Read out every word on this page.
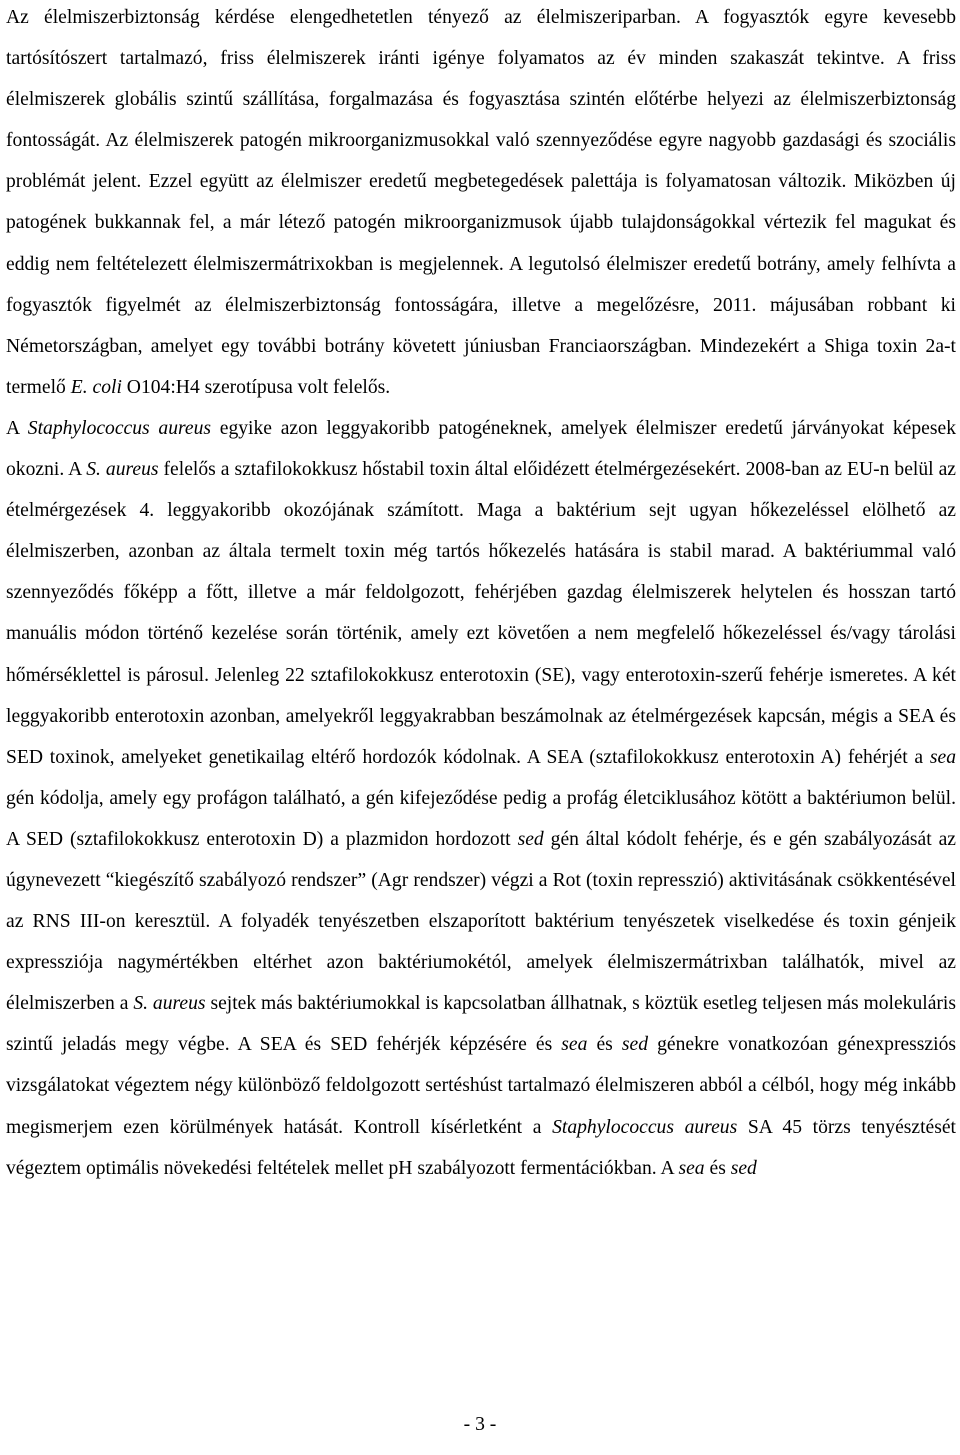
Az élelmiszerbiztonság kérdése elengedhetetlen tényező az élelmiszeriparban. A fogyasztók egyre kevesebb tartósítószert tartalmazó, friss élelmiszerek iránti igénye folyamatos az év minden szakaszát tekintve. A friss élelmiszerek globális szintű szállítása, forgalmazása és fogyasztása szintén előtérbe helyezi az élelmiszerbiztonság fontosságát. Az élelmiszerek patogén mikroorganizmusokkal való szennyeződése egyre nagyobb gazdasági és szociális problémát jelent. Ezzel együtt az élelmiszer eredetű megbetegedések palettája is folyamatosan változik. Miközben új patogének bukkannak fel, a már létező patogén mikroorganizmusok újabb tulajdonságokkal vértezik fel magukat és eddig nem feltételezett élelmiszermátrixokban is megjelennek. A legutolsó élelmiszer eredetű botrány, amely felhívta a fogyasztók figyelmét az élelmiszerbiztonság fontosságára, illetve a megelőzésre, 2011. májusában robbant ki Németországban, amelyet egy további botrány követett júniusban Franciaországban. Mindezekért a Shiga toxin 2a-t termelő E. coli O104:H4 szerotípusa volt felelős.

A Staphylococcus aureus egyike azon leggyakoribb patogéneknek, amelyek élelmiszer eredetű járványokat képesek okozni. A S. aureus felelős a sztafilokokkusz hőstabil toxin által előidézett ételmérgezésekért. 2008-ban az EU-n belül az ételmérgezések 4. leggyakoribb okozójának számított. Maga a baktérium sejt ugyan hőkezeléssel elölhető az élelmiszerben, azonban az általa termelt toxin még tartós hőkezelés hatására is stabil marad. A baktériummal való szennyeződés főképp a főtt, illetve a már feldolgozott, fehérjében gazdag élelmiszerek helytelen és hosszan tartó manuális módon történő kezelése során történik, amely ezt követően a nem megfelelő hőkezeléssel és/vagy tárolási hőmérséklettel is párosul. Jelenleg 22 sztafilokokkusz enterotoxin (SE), vagy enterotoxin-szerű fehérje ismeretes. A két leggyakoribb enterotoxin azonban, amelyekről leggyakrabban beszámolnak az ételmérgezések kapcsán, mégis a SEA és SED toxinok, amelyeket genetikailag eltérő hordozók kódolnak. A SEA (sztafilokokkusz enterotoxin A) fehérjét a sea gén kódolja, amely egy profágon található, a gén kifejeződése pedig a profág életciklusához kötött a baktériumon belül. A SED (sztafilokokkusz enterotoxin D) a plazmidon hordozott sed gén által kódolt fehérje, és e gén szabályozását az úgynevezett “kiegészítő szabályozó rendszer” (Agr rendszer) végzi a Rot (toxin represszió) aktivitásának csökkentésével az RNS III-on keresztül. A folyadék tenyészetben elszaporított baktérium tenyészetek viselkedése és toxin génjeik expressziója nagymértékben eltérhet azon baktériumokétól, amelyek élelmiszermátrixban találhatók, mivel az élelmiszerben a S. aureus sejtek más baktériumokkal is kapcsolatban állhatnak, s köztük esetleg teljesen más molekuláris szintű jeladás megy végbe. A SEA és SED fehérjék képzésére és sea és sed génekre vonatkozóan génexpressziós vizsgálatokat végeztem négy különböző feldolgozott sertéshúst tartalmazó élelmiszeren abból a célból, hogy még inkább megismerjem ezen körülmények hatását. Kontroll kísérletként a Staphylococcus aureus SA 45 törzs tenyésztését végeztem optimális növekedési feltételek mellet pH szabályozott fermentációkban. A sea és sed

- 3 -
